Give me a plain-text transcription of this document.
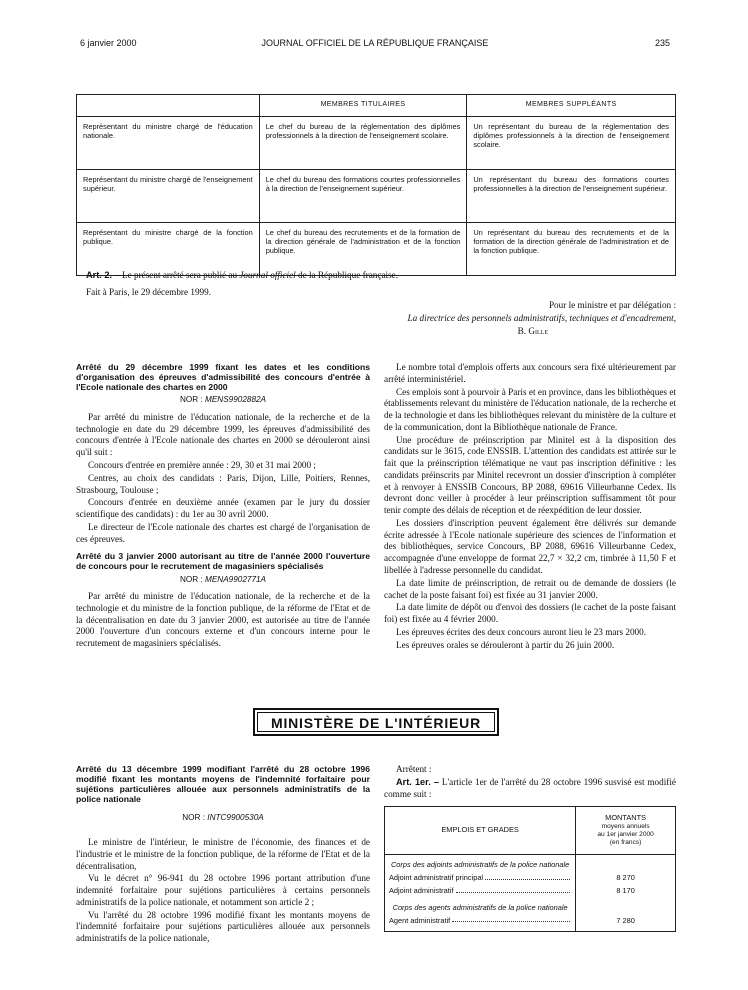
6 janvier 2000	JOURNAL OFFICIEL DE LA RÉPUBLIQUE FRANÇAISE	235
	MEMBRES TITULAIRES	MEMBRES SUPPLÉANTS
Représentant du ministre chargé de l'éducation nationale.	Le chef du bureau de la réglementation des diplômes professionnels à la direction de l'enseignement scolaire.	Un représentant du bureau de la réglementation des diplômes professionnels à la direction de l'enseignement scolaire.
Représentant du ministre chargé de l'enseignement supérieur.	Le chef du bureau des formations courtes professionnelles à la direction de l'enseignement supérieur.	Un représentant du bureau des formations courtes professionnelles à la direction de l'enseignement supérieur.
Représentant du ministre chargé de la fonction publique.	Le chef du bureau des recrutements et de la formation de la direction générale de l'administration et de la fonction publique.	Un représentant du bureau des recrutements et de la formation de la direction générale de l'administration et de la fonction publique.

Art. 2. – Le présent arrêté sera publié au Journal officiel de la République française.

Fait à Paris, le 29 décembre 1999.

Pour le ministre et par délégation :

La directrice des personnels administratifs, techniques et d'encadrement,

B. Gille

Arrêté du 29 décembre 1999 fixant les dates et les conditions d'organisation des épreuves d'admissibilité des concours d'entrée à l'Ecole nationale des chartes en 2000

NOR : MENS9902882A

Par arrêté du ministre de l'éducation nationale, de la recherche et de la technologie en date du 29 décembre 1999, les épreuves d'admissibilité des concours d'entrée à l'Ecole nationale des chartes en 2000 se dérouleront ainsi qu'il suit :

Concours d'entrée en première année : 29, 30 et 31 mai 2000 ;

Centres, au choix des candidats : Paris, Dijon, Lille, Poitiers, Rennes, Strasbourg, Toulouse ;

Concours d'entrée en deuxième année (examen par le jury du dossier scientifique des candidats) : du 1er au 30 avril 2000.

Le directeur de l'Ecole nationale des chartes est chargé de l'organisation de ces épreuves.

Arrêté du 3 janvier 2000 autorisant au titre de l'année 2000 l'ouverture de concours pour le recrutement de magasiniers spécialisés

NOR : MENA9902771A

Par arrêté du ministre de l'éducation nationale, de la recherche et de la technologie et du ministre de la fonction publique, de la réforme de l'Etat et de la décentralisation en date du 3 janvier 2000, est autorisée au titre de l'année 2000 l'ouverture d'un concours externe et d'un concours interne pour le recrutement de magasiniers spécialisés.

Le nombre total d'emplois offerts aux concours sera fixé ultérieurement par arrêté interministériel.

Ces emplois sont à pourvoir à Paris et en province, dans les bibliothèques et établissements relevant du ministère de l'éducation nationale, de la recherche et de la technologie et dans les bibliothèques relevant du ministère de la culture et de la communication, dont la Bibliothèque nationale de France.

Une procédure de préinscription par Minitel est à la disposition des candidats sur le 3615, code ENSSIB. L'attention des candidats est attirée sur le fait que la préinscription télématique ne vaut pas inscription définitive : les candidats préinscrits par Minitel recevront un dossier d'inscription à compléter et à renvoyer à ENSSIB Concours, BP 2088, 69616 Villeurbanne Cedex. Ils devront donc veiller à procéder à leur préinscription suffisamment tôt pour tenir compte des délais de réception et de réexpédition de leur dossier.

Les dossiers d'inscription peuvent également être délivrés sur demande écrite adressée à l'Ecole nationale supérieure des sciences de l'information et des bibliothèques, service Concours, BP 2088, 69616 Villeurbanne Cedex, accompagnée d'une enveloppe de format 22,7 × 32,2 cm, timbrée à 11,50 F et libellée à l'adresse personnelle du candidat.

La date limite de préinscription, de retrait ou de demande de dossiers (le cachet de la poste faisant foi) est fixée au 31 janvier 2000.

La date limite de dépôt ou d'envoi des dossiers (le cachet de la poste faisant foi) est fixée au 4 février 2000.

Les épreuves écrites des deux concours auront lieu le 23 mars 2000.

Les épreuves orales se dérouleront à partir du 26 juin 2000.

MINISTÈRE DE L'INTÉRIEUR

Arrêté du 13 décembre 1999 modifiant l'arrêté du 28 octobre 1996 modifié fixant les montants moyens de l'indemnité forfaitaire pour sujétions particulières allouée aux personnels administratifs de la police nationale

NOR : INTC9900530A

Le ministre de l'intérieur, le ministre de l'économie, des finances et de l'industrie et le ministre de la fonction publique, de la réforme de l'Etat et de la décentralisation,

Vu le décret n° 96-941 du 28 octobre 1996 portant attribution d'une indemnité forfaitaire pour sujétions particulières à certains personnels administratifs de la police nationale, et notamment son article 2 ;

Vu l'arrêté du 28 octobre 1996 modifié fixant les montants moyens de l'indemnité forfaitaire pour sujétions particulières allouée aux personnels administratifs de la police nationale,

Arrêtent :

Art. 1er. – L'article 1er de l'arrêté du 28 octobre 1996 susvisé est modifié comme suit :

EMPLOIS ET GRADES	MONTANTS
moyens annuels
au 1er janvier 2000
(en francs)

Corps des adjoints administratifs de la police nationale	

Adjoint administratif principal	8 270

Adjoint administratif	8 170
Corps des agents administratifs de la police nationale	

Agent administratif	7 280
